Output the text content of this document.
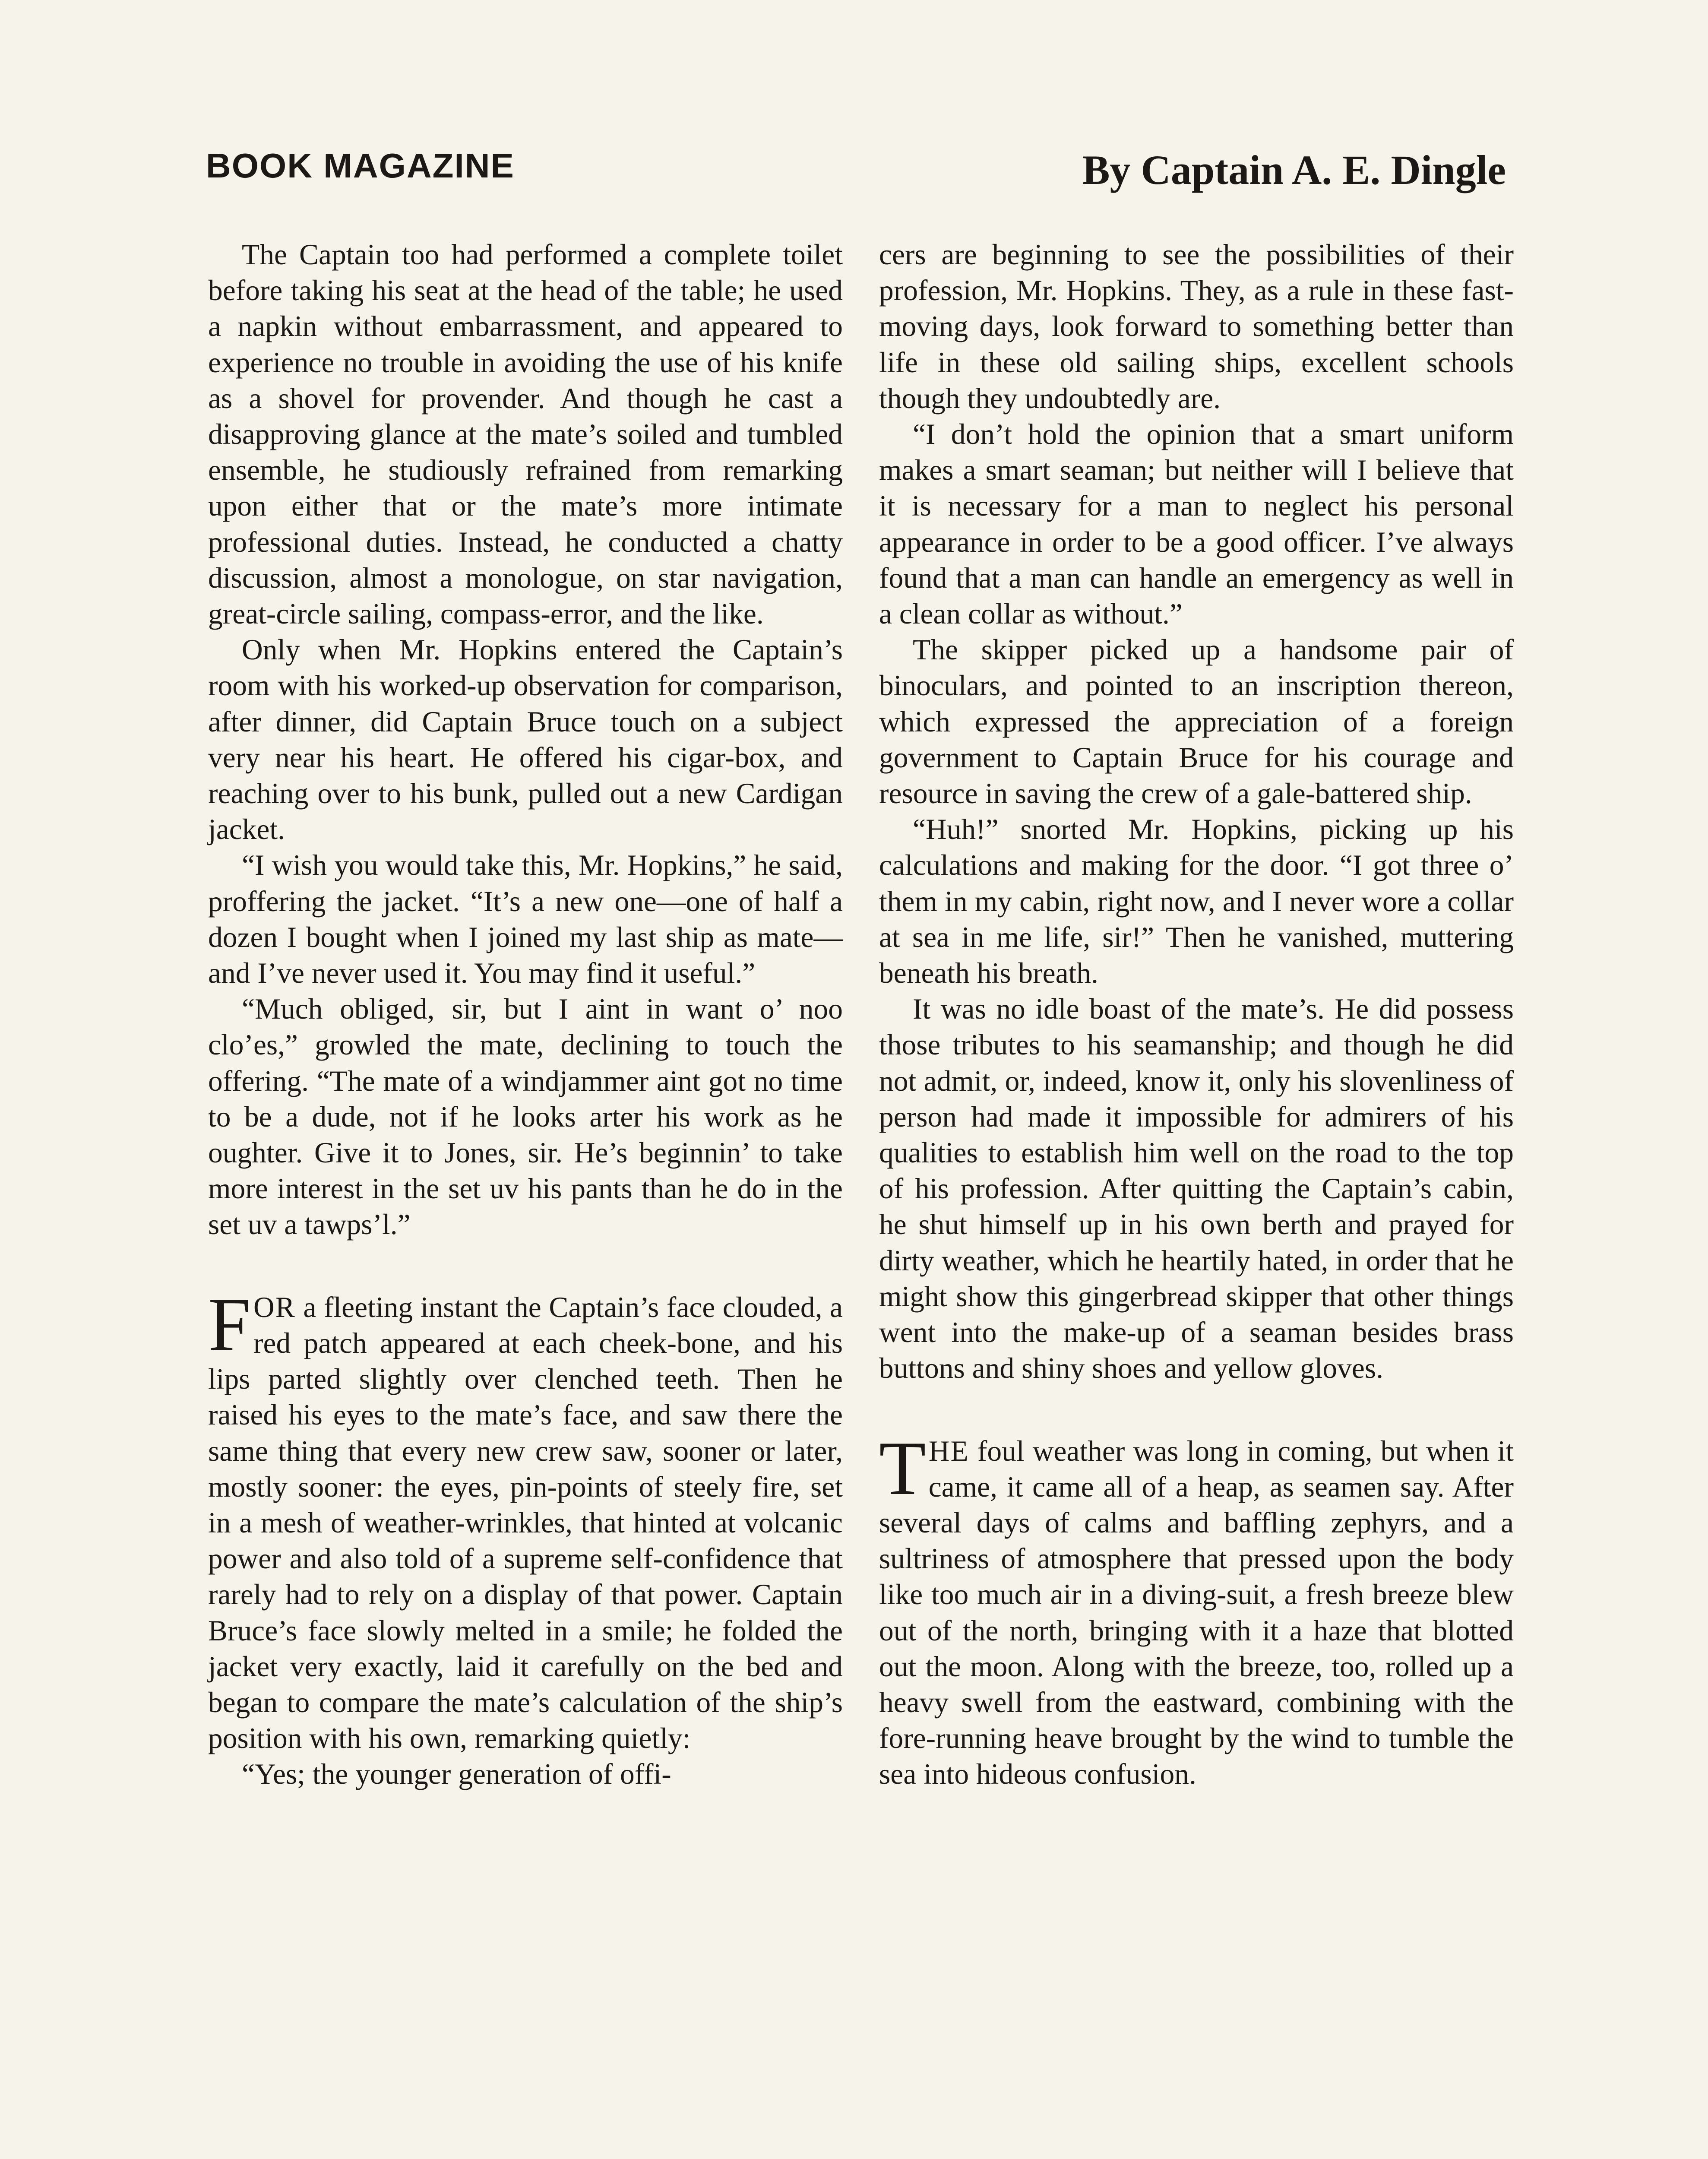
BOOK MAGAZINE	By Captain A. E. Dingle

The Captain too had performed a complete toilet before taking his seat at the head of the table; he used a napkin without embarrassment, and appeared to experience no trouble in avoiding the use of his knife as a shovel for provender. And though he cast a disapproving glance at the mate’s soiled and tumbled ensemble, he studiously refrained from remarking upon either that or the mate’s more intimate professional duties. Instead, he conducted a chatty discussion, almost a monologue, on star navigation, great-circle sailing, compass-error, and the like.

Only when Mr. Hopkins entered the Captain’s room with his worked-up observation for comparison, after dinner, did Captain Bruce touch on a subject very near his heart. He offered his cigar-box, and reaching over to his bunk, pulled out a new Cardigan jacket.

“I wish you would take this, Mr. Hopkins,” he said, proffering the jacket. “It’s a new one—one of half a dozen I bought when I joined my last ship as mate—and I’ve never used it. You may find it useful.”

“Much obliged, sir, but I aint in want o’ noo clo’es,” growled the mate, declining to touch the offering. “The mate of a windjammer aint got no time to be a dude, not if he looks arter his work as he oughter. Give it to Jones, sir. He’s beginnin’ to take more interest in the set uv his pants than he do in the set uv a tawps’l.”

FOR a fleeting instant the Captain’s face clouded, a red patch appeared at each cheek-bone, and his lips parted slightly over clenched teeth. Then he raised his eyes to the mate’s face, and saw there the same thing that every new crew saw, sooner or later, mostly sooner: the eyes, pin-points of steely fire, set in a mesh of weather-wrinkles, that hinted at volcanic power and also told of a supreme self-confidence that rarely had to rely on a display of that power. Captain Bruce’s face slowly melted in a smile; he folded the jacket very exactly, laid it carefully on the bed and began to compare the mate’s calculation of the ship’s position with his own, remarking quietly:

“Yes; the younger generation of offi-

cers are beginning to see the possibilities of their profession, Mr. Hopkins. They, as a rule in these fast-moving days, look forward to something better than life in these old sailing ships, excellent schools though they undoubtedly are.

“I don’t hold the opinion that a smart uniform makes a smart seaman; but neither will I believe that it is necessary for a man to neglect his personal appearance in order to be a good officer. I’ve always found that a man can handle an emergency as well in a clean collar as without.”

The skipper picked up a handsome pair of binoculars, and pointed to an inscription thereon, which expressed the appreciation of a foreign government to Captain Bruce for his courage and resource in saving the crew of a gale-battered ship.

“Huh!” snorted Mr. Hopkins, picking up his calculations and making for the door. “I got three o’ them in my cabin, right now, and I never wore a collar at sea in me life, sir!” Then he vanished, muttering beneath his breath.

It was no idle boast of the mate’s. He did possess those tributes to his seamanship; and though he did not admit, or, indeed, know it, only his slovenliness of person had made it impossible for admirers of his qualities to establish him well on the road to the top of his profession. After quitting the Captain’s cabin, he shut himself up in his own berth and prayed for dirty weather, which he heartily hated, in order that he might show this gingerbread skipper that other things went into the make-up of a seaman besides brass buttons and shiny shoes and yellow gloves.

THE foul weather was long in coming, but when it came, it came all of a heap, as seamen say. After several days of calms and baffling zephyrs, and a sultriness of atmosphere that pressed upon the body like too much air in a diving-suit, a fresh breeze blew out of the north, bringing with it a haze that blotted out the moon. Along with the breeze, too, rolled up a heavy swell from the eastward, combining with the fore-running heave brought by the wind to tumble the sea into hideous confusion.
